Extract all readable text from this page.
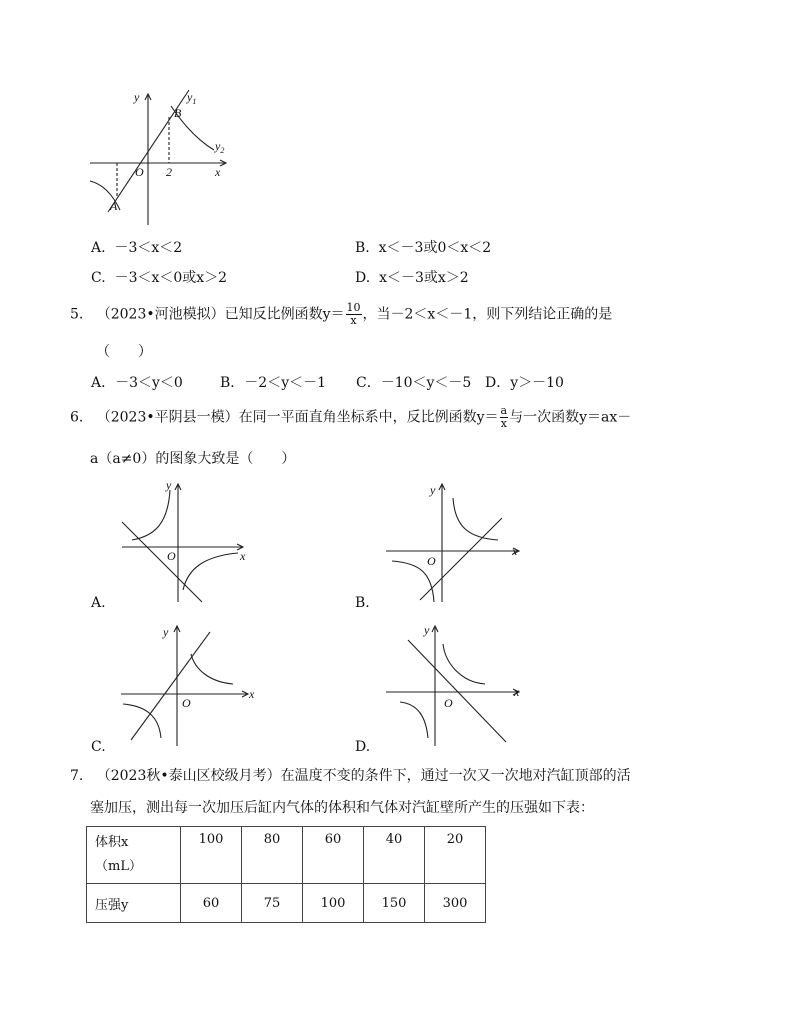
y	$y_1$
B
$y_2$
O 2	x
A
A. －3＜x＜2	B. x＜－3或0＜x＜2
C. －3＜x＜0或x＞2	D. x＜－3或x＞2
5. （2023•河池模拟）已知反比例函数$y= \frac{10}{x}$ ，当－2＜x＜－1，则下列结论正确的是
（　　）
A．－3＜y＜0	B．－2＜y＜－1 C．－10＜y＜－5 D．y＞－10
6. （2023•平阴县一模）在同一平面直角坐标系中，反比例函数$y= \frac{a}{x}$ 与一次函数y＝ax－
a（a≠0）的图象大致是（　　）
y
O	x
A.
y
O
x
B.
y
O
x
C.
y
O
x
D.
7. （2023秋•泰山区校级月考）在温度不变的条件下，通过一次又一次地对汽缸顶部的活
塞加压，测出每一次加压后缸内气体的体积和气体对汽缸壁所产生的压强如下表：
体积x
（mL）	100	80	60	40	20
压强y	60	75	100	150	300
